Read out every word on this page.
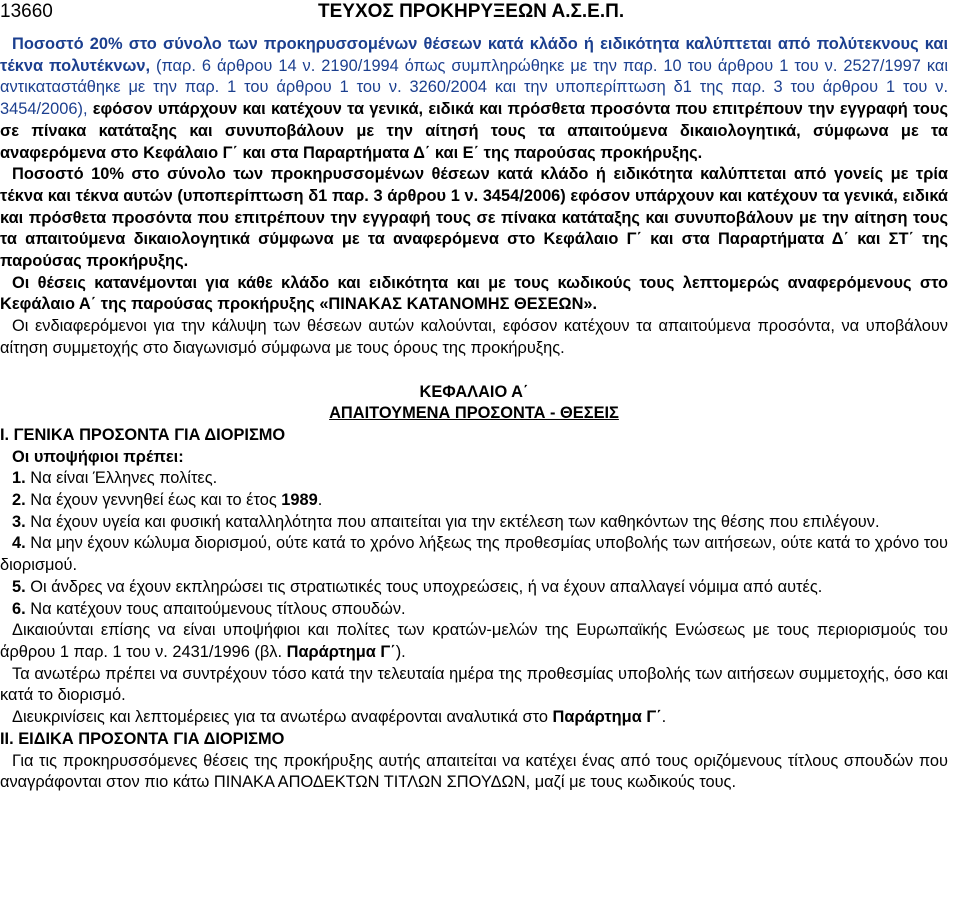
13660	ΤΕΥΧΟΣ ΠΡΟΚΗΡΥΞΕΩΝ Α.Σ.Ε.Π.

Ποσοστό 20% στο σύνολο των προκηρυσσομένων θέσεων κατά κλάδο ή ειδικότητα καλύπτεται από πολύτεκνους και τέκνα πολυτέκνων, (παρ. 6 άρθρου 14 ν. 2190/1994 όπως συμπληρώθηκε με την παρ. 10 του άρθρου 1 του ν. 2527/1997 και αντικαταστάθηκε με την παρ. 1 του άρθρου 1 του ν. 3260/2004 και την υποπερίπτωση δ1 της παρ. 3 του άρθρου 1 του ν. 3454/2006), εφόσον υπάρχουν και κατέχουν τα γενικά, ειδικά και πρόσθετα προσόντα που επιτρέπουν την εγγραφή τους σε πίνακα κατάταξης και συνυποβάλουν με την αίτησή τους τα απαιτούμενα δικαιολογητικά, σύμφωνα με τα αναφερόμενα στο Κεφάλαιο Γ΄ και στα Παραρτήματα Δ΄ και Ε΄ της παρούσας προκήρυξης.

Ποσοστό 10% στο σύνολο των προκηρυσσομένων θέσεων κατά κλάδο ή ειδικότητα καλύπτεται από γονείς με τρία τέκνα και τέκνα αυτών (υποπερίπτωση δ1 παρ. 3 άρθρου 1 ν. 3454/2006) εφόσον υπάρχουν και κατέχουν τα γενικά, ειδικά και πρόσθετα προσόντα που επιτρέπουν την εγγραφή τους σε πίνακα κατάταξης και συνυποβάλουν με την αίτηση τους τα απαιτούμενα δικαιολογητικά σύμφωνα με τα αναφερόμενα στο Κεφάλαιο Γ΄ και στα Παραρτήματα Δ΄ και ΣΤ΄ της παρούσας προκήρυξης.

Οι θέσεις κατανέμονται για κάθε κλάδο και ειδικότητα και με τους κωδικούς τους λεπτομερώς αναφερόμενους στο Κεφάλαιο Α΄ της παρούσας προκήρυξης «ΠΙΝΑΚΑΣ ΚΑΤΑΝΟΜΗΣ ΘΕΣΕΩΝ».

Οι ενδιαφερόμενοι για την κάλυψη των θέσεων αυτών καλούνται, εφόσον κατέχουν τα απαιτούμενα προσόντα, να υποβάλουν αίτηση συμμετοχής στο διαγωνισμό σύμφωνα με τους όρους της προκήρυξης.

ΚΕΦΑΛΑΙΟ Α΄

ΑΠΑΙΤΟΥΜΕΝΑ ΠΡΟΣΟΝΤΑ - ΘΕΣΕΙΣ

Ι. ΓΕΝΙΚΑ ΠΡΟΣΟΝΤΑ ΓΙΑ ΔΙΟΡΙΣΜΟ

Οι υποψήφιοι πρέπει:

1. Να είναι Έλληνες πολίτες.

2. Να έχουν γεννηθεί έως και το έτος 1989.

3. Να έχουν υγεία και φυσική καταλληλότητα που απαιτείται για την εκτέλεση των καθηκόντων της θέσης που επιλέγουν.

4. Να μην έχουν κώλυμα διορισμού, ούτε κατά το χρόνο λήξεως της προθεσμίας υποβολής των αιτήσεων, ούτε κατά το χρόνο του διορισμού.

5. Οι άνδρες να έχουν εκπληρώσει τις στρατιωτικές τους υποχρεώσεις, ή να έχουν απαλλαγεί νόμιμα από αυτές.

6. Να κατέχουν τους απαιτούμενους τίτλους σπουδών.

Δικαιούνται επίσης να είναι υποψήφιοι και πολίτες των κρατών-μελών της Ευρωπαϊκής Ενώσεως με τους περιορισμούς του άρθρου 1 παρ. 1 του ν. 2431/1996 (βλ. Παράρτημα Γ΄).

Τα ανωτέρω πρέπει να συντρέχουν τόσο κατά την τελευταία ημέρα της προθεσμίας υποβολής των αιτήσεων συμμετοχής, όσο και κατά το διορισμό.

Διευκρινίσεις και λεπτομέρειες για τα ανωτέρω αναφέρονται αναλυτικά στο Παράρτημα Γ΄.

ΙΙ. ΕΙΔΙΚΑ ΠΡΟΣΟΝΤΑ ΓΙΑ ΔΙΟΡΙΣΜΟ

Για τις προκηρυσσόμενες θέσεις της προκήρυξης αυτής απαιτείται να κατέχει ένας από τους οριζόμενους τίτλους σπουδών που αναγράφονται στον πιο κάτω ΠΙΝΑΚΑ ΑΠΟΔΕΚΤΩΝ ΤΙΤΛΩΝ ΣΠΟΥΔΩΝ, μαζί με τους κωδικούς τους.
